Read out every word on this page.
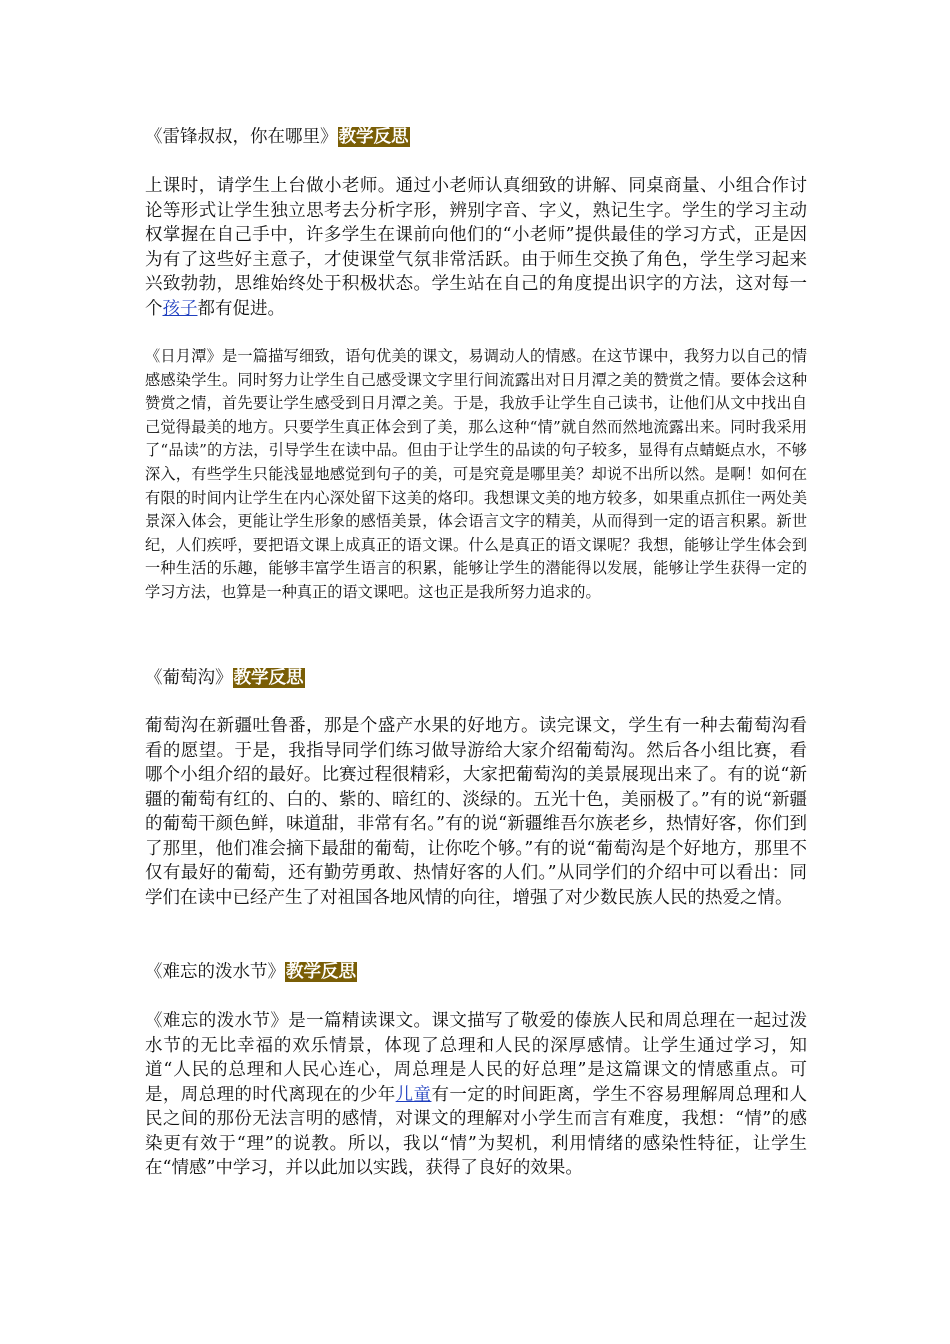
《雷锋叔叔，你在哪里》教学反思

上课时，请学生上台做小老师。通过小老师认真细致的讲解、同桌商量、小组合作讨论等形式让学生独立思考去分析字形，辨别字音、字义，熟记生字。学生的学习主动权掌握在自己手中，许多学生在课前向他们的“小老师”提供最佳的学习方式，正是因为有了这些好主意子，才使课堂气氛非常活跃。由于师生交换了角色，学生学习起来兴致勃勃，思维始终处于积极状态。学生站在自己的角度提出识字的方法，这对每一个孩子都有促进。

《日月潭》是一篇描写细致，语句优美的课文，易调动人的情感。在这节课中，我努力以自己的情感感染学生。同时努力让学生自己感受课文字里行间流露出对日月潭之美的赞赏之情。要体会这种赞赏之情，首先要让学生感受到日月潭之美。于是，我放手让学生自己读书，让他们从文中找出自己觉得最美的地方。只要学生真正体会到了美，那么这种“情”就自然而然地流露出来。同时我采用了“品读”的方法，引导学生在读中品。但由于让学生的品读的句子较多，显得有点蜻蜓点水，不够深入，有些学生只能浅显地感觉到句子的美，可是究竟是哪里美？却说不出所以然。是啊！如何在有限的时间内让学生在内心深处留下这美的烙印。我想课文美的地方较多，如果重点抓住一两处美景深入体会，更能让学生形象的感悟美景，体会语言文字的精美，从而得到一定的语言积累。新世纪，人们疾呼，要把语文课上成真正的语文课。什么是真正的语文课呢？我想，能够让学生体会到一种生活的乐趣，能够丰富学生语言的积累，能够让学生的潜能得以发展，能够让学生获得一定的学习方法，也算是一种真正的语文课吧。这也正是我所努力追求的。

《葡萄沟》教学反思

葡萄沟在新疆吐鲁番，那是个盛产水果的好地方。读完课文，学生有一种去葡萄沟看看的愿望。于是，我指导同学们练习做导游给大家介绍葡萄沟。然后各小组比赛，看哪个小组介绍的最好。比赛过程很精彩，大家把葡萄沟的美景展现出来了。有的说“新疆的葡萄有红的、白的、紫的、暗红的、淡绿的。五光十色，美丽极了。”有的说“新疆的葡萄干颜色鲜，味道甜，非常有名。”有的说“新疆维吾尔族老乡，热情好客，你们到了那里，他们准会摘下最甜的葡萄，让你吃个够。”有的说“葡萄沟是个好地方，那里不仅有最好的葡萄，还有勤劳勇敢、热情好客的人们。”从同学们的介绍中可以看出：同学们在读中已经产生了对祖国各地风情的向往，增强了对少数民族人民的热爱之情。

《难忘的泼水节》教学反思

《难忘的泼水节》是一篇精读课文。课文描写了敬爱的傣族人民和周总理在一起过泼水节的无比幸福的欢乐情景，体现了总理和人民的深厚感情。让学生通过学习，知道“人民的总理和人民心连心，周总理是人民的好总理”是这篇课文的情感重点。可是，周总理的时代离现在的少年儿童有一定的时间距离，学生不容易理解周总理和人民之间的那份无法言明的感情，对课文的理解对小学生而言有难度，我想：“情”的感染更有效于“理”的说教。所以，我以“情”为契机，利用情绪的感染性特征，让学生在“情感”中学习，并以此加以实践，获得了良好的效果。
